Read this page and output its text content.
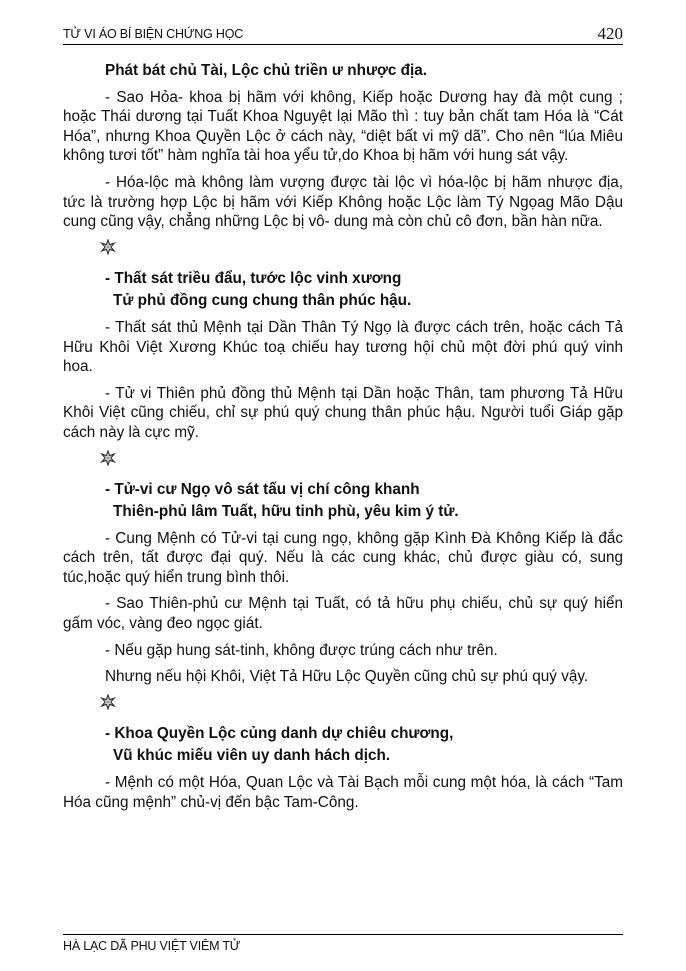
TỬ VI ÁO BÍ BIỆN CHỨNG HỌC	420

Phát bát chủ Tài, Lộc chủ triền ư nhược địa.

- Sao Hỏa- khoa bị hãm với không, Kiếp hoặc Dương hay đà một cung ; hoặc Thái dương tại Tuất Khoa Nguyệt lại Mão thì : tuy bản chất tam Hóa là “Cát Hóa”, nhưng Khoa Quyền Lộc ở cách này, “diệt bất vi mỹ dã”. Cho nên “lúa Miêu không tươi tốt” hàm nghĩa tài hoa yểu tử,do Khoa bị hãm với hung sát vậy.

- Hóa-lộc mà không làm vượng được tài lộc vì hóa-lộc bị hãm nhược địa, tức là trường hợp Lộc bị hãm với Kiếp Không hoặc Lộc làm Tý Ngọag Mão Dậu cung cũng vậy, chẳng những Lộc bị vô- dung mà còn chủ cô đơn, bần hàn nữa.

- Thất sát triều đẩu, tước lộc vinh xương

Tử phủ đồng cung chung thân phúc hậu.

- Thất sát thủ Mệnh tại Dần Thân Tý Ngọ là được cách trên, hoặc cách Tả Hữu Khôi Việt Xương Khúc toạ chiếu hay tương hội chủ một đời phú quý vinh hoa.

- Tử vi Thiên phủ đồng thủ Mệnh tại Dần hoặc Thân, tam phương Tả Hữu Khôi Việt cũng chiếu, chỉ sự phú quý chung thân phúc hậu. Người tuổi Giáp gặp cách này là cực mỹ.

- Tử-vi cư Ngọ vô sát tấu vị chí công khanh

Thiên-phủ lâm Tuất, hữu tinh phù, yêu kim ý tử.

- Cung Mệnh có Tử-vi tại cung ngọ, không gặp Kình Đà Không Kiếp là đắc cách trên, tất được đại quý. Nếu là các cung khác, chủ được giàu có, sung túc,hoặc quý hiển trung bình thôi.

- Sao Thiên-phủ cư Mệnh tại Tuất, có tả hữu phụ chiếu, chủ sự quý hiển gấm vóc, vàng đeo ngọc giát.

- Nếu gặp hung sát-tinh, không được trúng cách như trên.

Nhưng nếu hội Khôi, Việt Tả Hữu Lộc Quyền cũng chủ sự phú quý vậy.

- Khoa Quyền Lộc củng danh dự chiêu chương,

Vũ khúc miếu viên uy danh hách dịch.

- Mệnh có một Hóa, Quan Lộc và Tài Bạch mỗi cung một hóa, là cách “Tam Hóa cũng mệnh” chủ-vị đến bậc Tam-Công.

HÀ LẠC DÃ PHU VIỆT VIÊM TỬ
